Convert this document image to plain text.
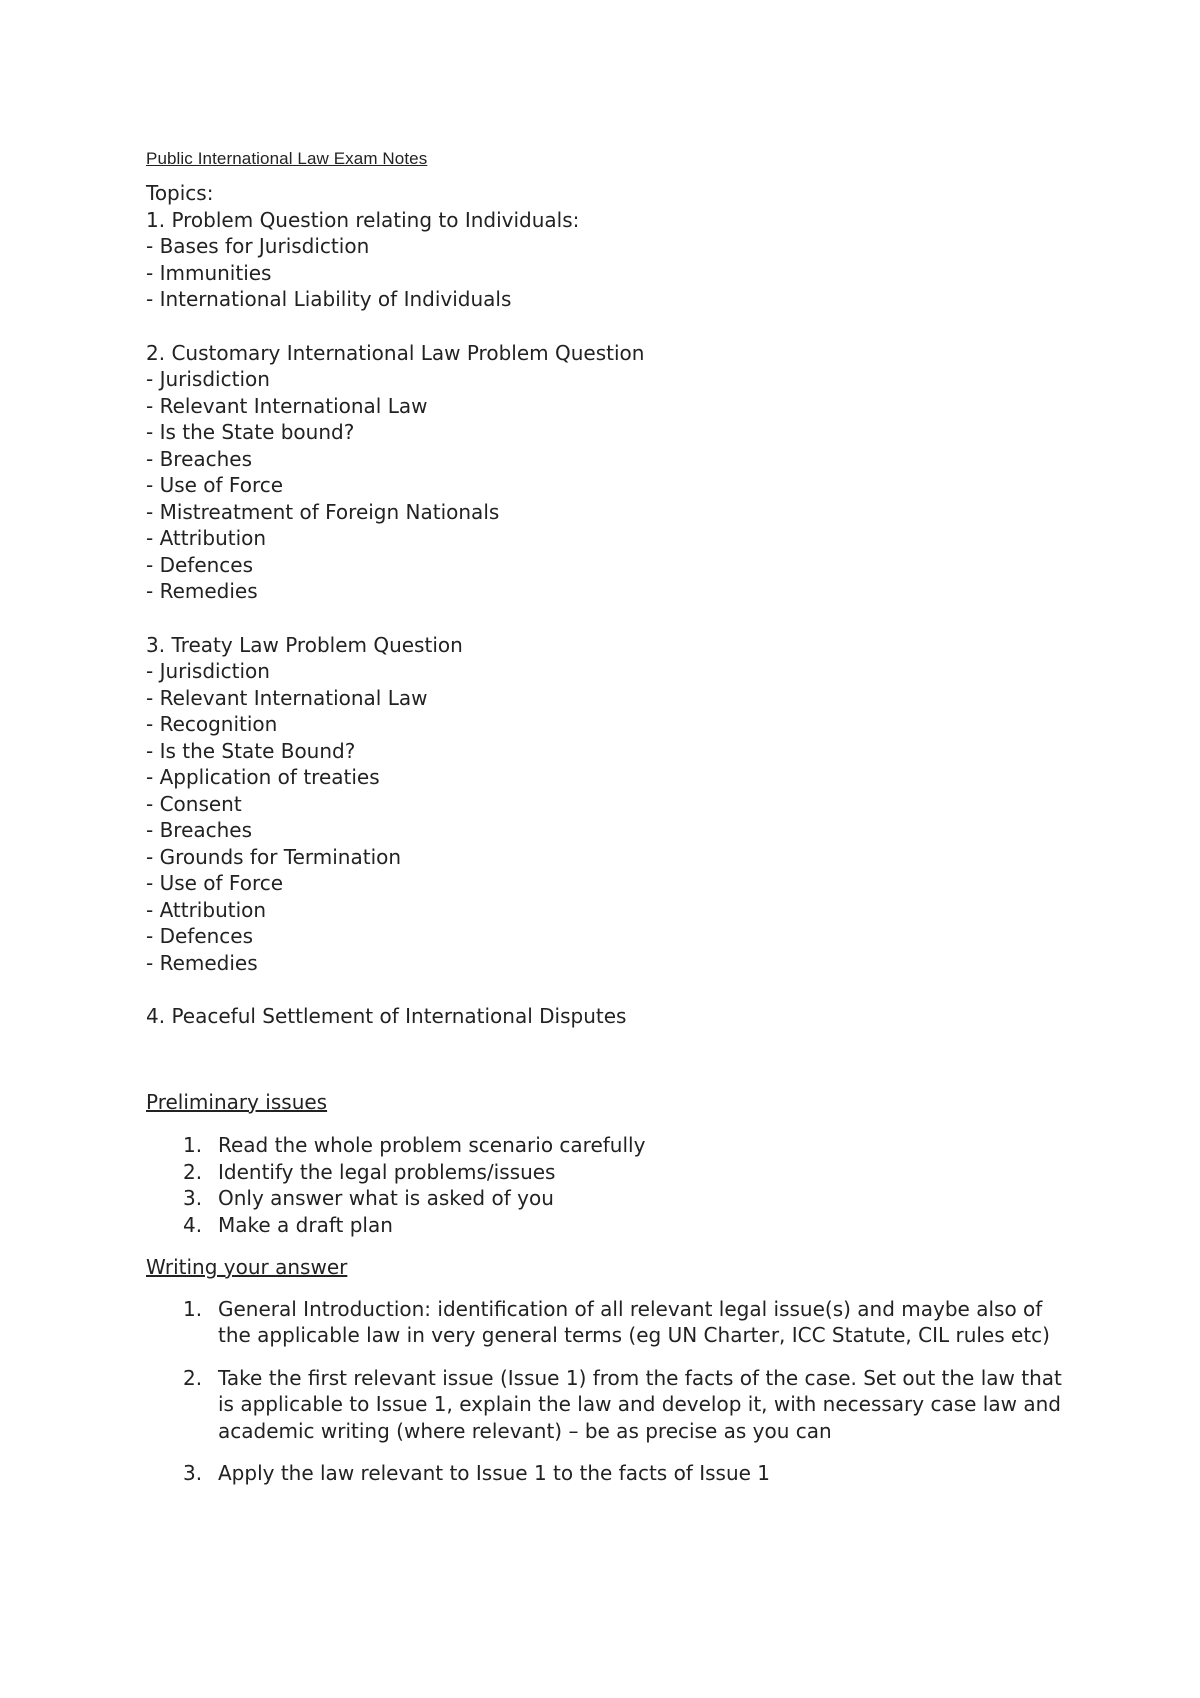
Public International Law Exam Notes

Topics:
1. Problem Question relating to Individuals:
- Bases for Jurisdiction
- Immunities
- International Liability of Individuals
2. Customary International Law Problem Question
- Jurisdiction
- Relevant International Law
- Is the State bound?
- Breaches
- Use of Force
- Mistreatment of Foreign Nationals
- Attribution
- Defences
- Remedies
3. Treaty Law Problem Question
- Jurisdiction
- Relevant International Law
- Recognition
- Is the State Bound?
- Application of treaties
- Consent
- Breaches
- Grounds for Termination
- Use of Force
- Attribution
- Defences
- Remedies
4. Peaceful Settlement of International Disputes

Preliminary issues

1. Read the whole problem scenario carefully
2. Identify the legal problems/issues
3. Only answer what is asked of you
4. Make a draft plan

Writing your answer

1. General Introduction: identification of all relevant legal issue(s) and maybe also of the applicable law in very general terms (eg UN Charter, ICC Statute, CIL rules etc)
2. Take the first relevant issue (Issue 1) from the facts of the case. Set out the law that is applicable to Issue 1, explain the law and develop it, with necessary case law and academic writing (where relevant) – be as precise as you can
3. Apply the law relevant to Issue 1 to the facts of Issue 1
